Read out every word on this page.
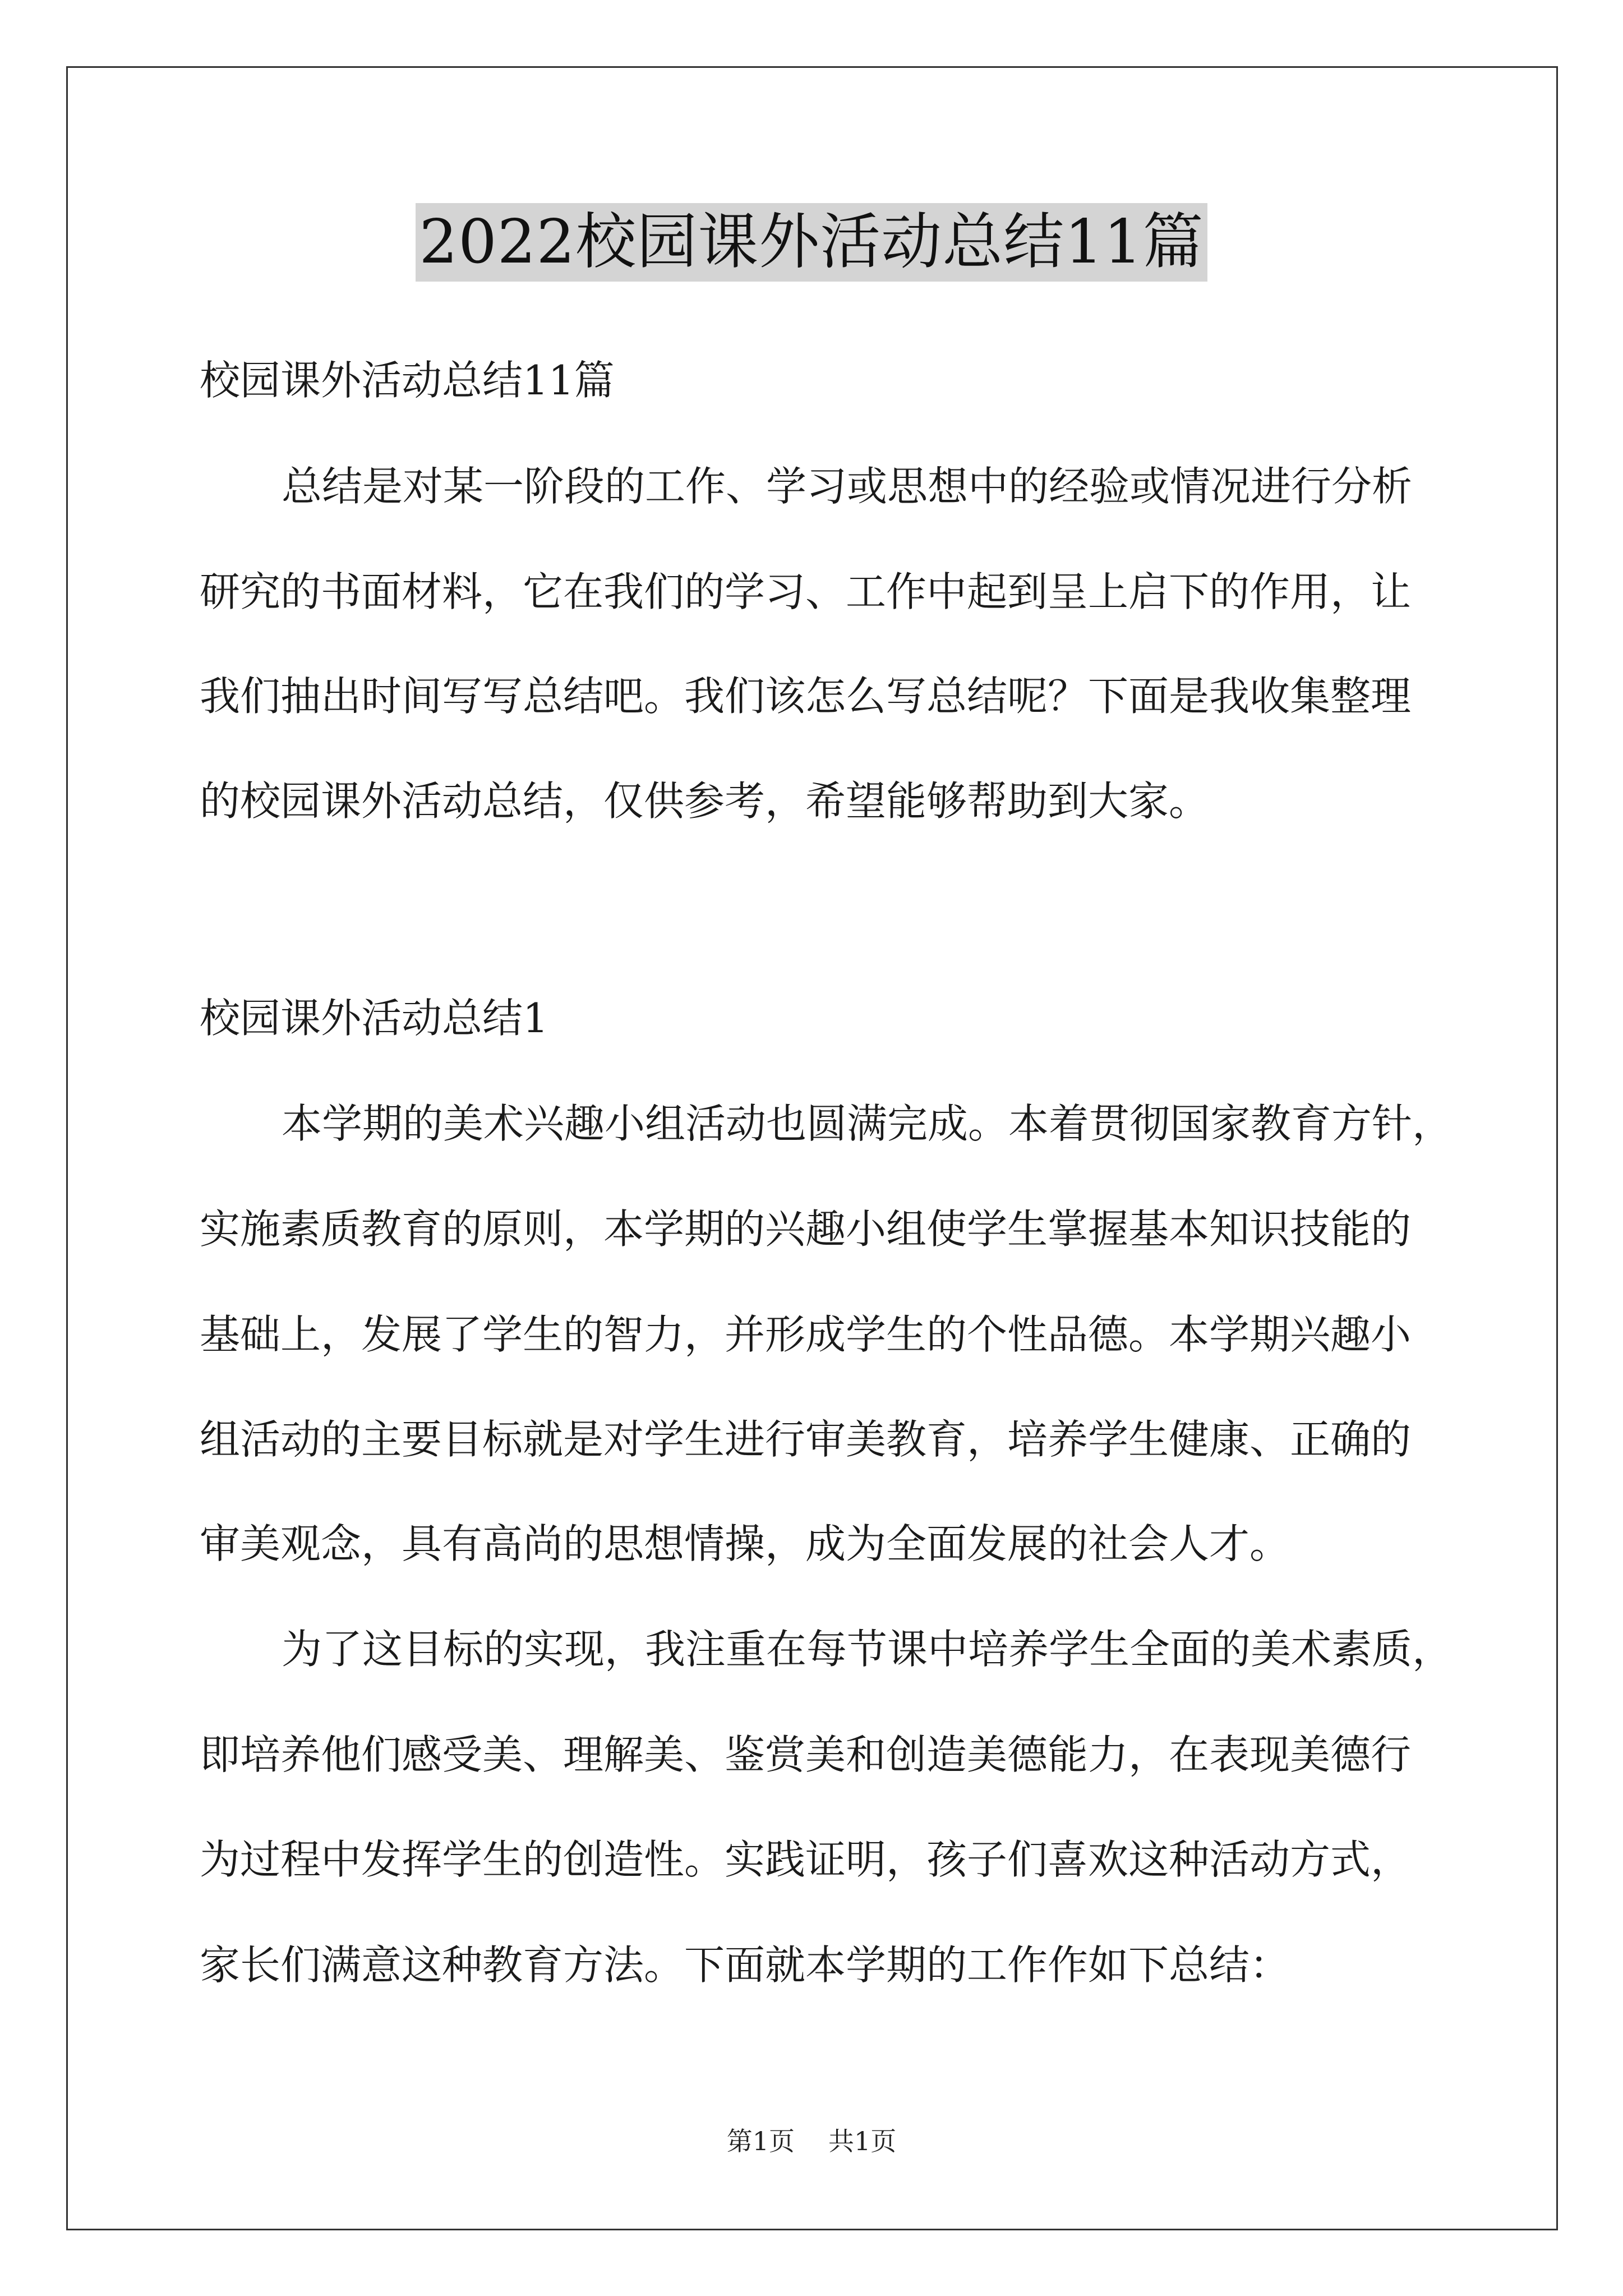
2022校园课外活动总结11篇
校园课外活动总结11篇
总结是对某一阶段的工作、学习或思想中的经验或情况进行分析
研究的书面材料，它在我们的学习、工作中起到呈上启下的作用，让
我们抽出时间写写总结吧。我们该怎么写总结呢？下面是我收集整理
的校园课外活动总结，仅供参考，希望能够帮助到大家。
校园课外活动总结1
本学期的美术兴趣小组活动也圆满完成。本着贯彻国家教育方针，
实施素质教育的原则，本学期的兴趣小组使学生掌握基本知识技能的
基础上，发展了学生的智力，并形成学生的个性品德。本学期兴趣小
组活动的主要目标就是对学生进行审美教育，培养学生健康、正确的
审美观念，具有高尚的思想情操，成为全面发展的社会人才。
为了这目标的实现，我注重在每节课中培养学生全面的美术素质，
即培养他们感受美、理解美、鉴赏美和创造美德能力，在表现美德行
为过程中发挥学生的创造性。实践证明，孩子们喜欢这种活动方式，
家长们满意这种教育方法。下面就本学期的工作作如下总结：
第1页 共1页
